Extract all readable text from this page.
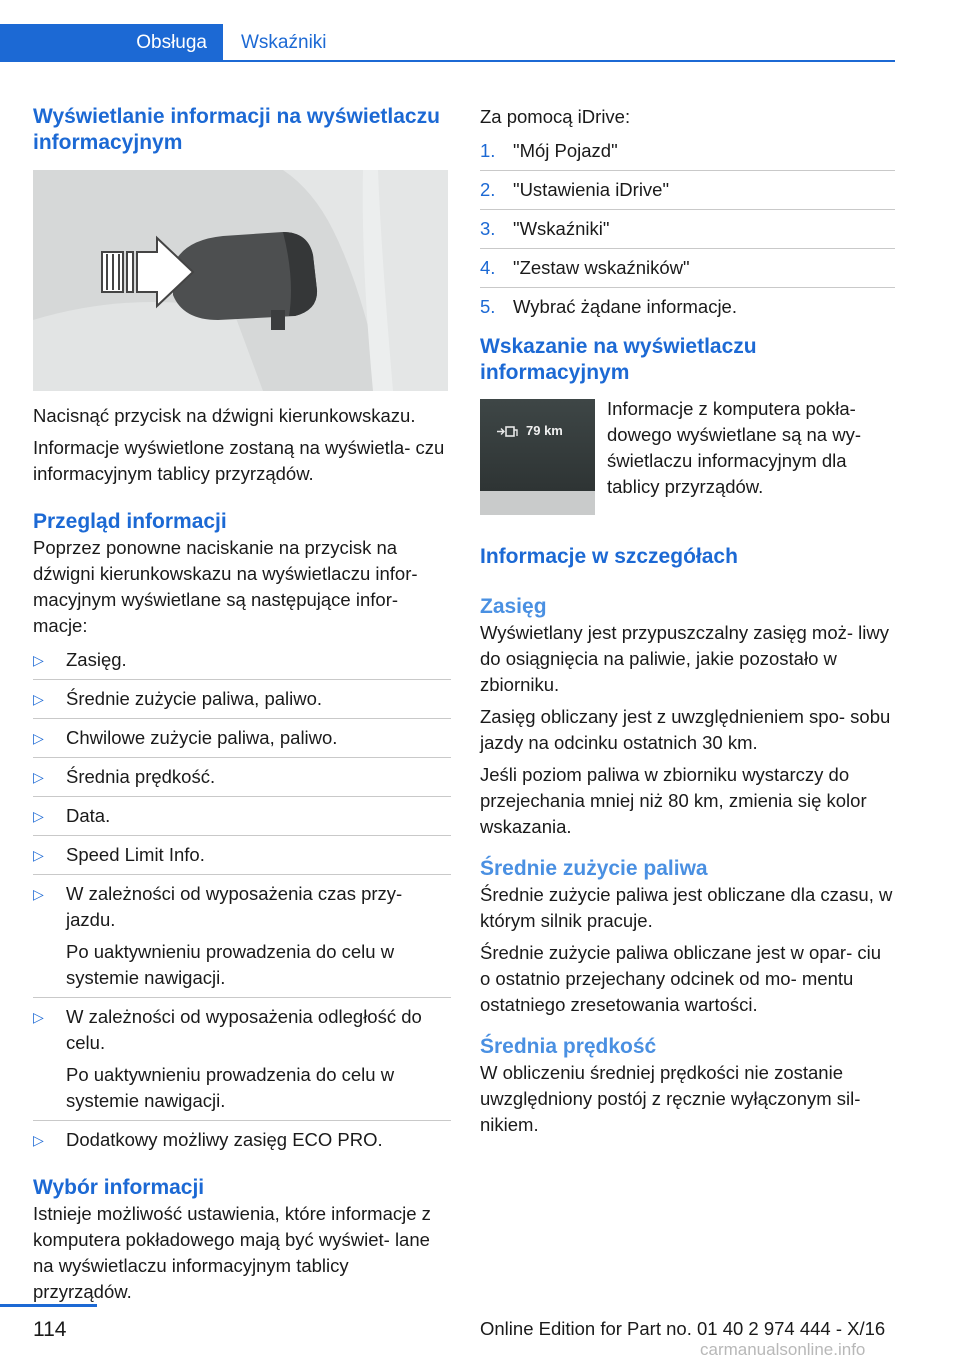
Obsługa	Wskaźniki
Wyświetlanie informacji na wyświetlaczu informacyjnym

Nacisnąć przycisk na dźwigni kierunkowskazu.

Informacje wyświetlone zostaną na wyświetla- czu informacyjnym tablicy przyrządów.

Przegląd informacji

Poprzez ponowne naciskanie na przycisk na dźwigni kierunkowskazu na wyświetlaczu infor- macyjnym wyświetlane są następujące infor- macje:

▷ Zasięg.
▷ Średnie zużycie paliwa, paliwo.
▷ Chwilowe zużycie paliwa, paliwo.
▷ Średnia prędkość.
▷ Data.
▷ Speed Limit Info.
▷ W zależności od wyposażenia czas przy- jazdu.
Po uaktywnieniu prowadzenia do celu w systemie nawigacji.
▷ W zależności od wyposażenia odległość do celu.
Po uaktywnieniu prowadzenia do celu w systemie nawigacji.
▷ Dodatkowy możliwy zasięg ECO PRO.
Wybór informacji

Istnieje możliwość ustawienia, które informacje z komputera pokładowego mają być wyświet- lane na wyświetlaczu informacyjnym tablicy przyrządów.

Za pomocą iDrive:

1. "Mój Pojazd"
2. "Ustawienia iDrive"
3. "Wskaźniki"
4. "Zestaw wskaźników"
5. Wybrać żądane informacje.
Wskazanie na wyświetlaczu informacyjnym
79 km

Informacje z komputera pokła- dowego wyświetlane są na wy- świetlaczu informacyjnym dla tablicy przyrządów.

Informacje w szczegółach
Zasięg

Wyświetlany jest przypuszczalny zasięg moż- liwy do osiągnięcia na paliwie, jakie pozostało w zbiorniku.

Zasięg obliczany jest z uwzględnieniem spo- sobu jazdy na odcinku ostatnich 30 km.

Jeśli poziom paliwa w zbiorniku wystarczy do przejechania mniej niż 80 km, zmienia się kolor wskazania.

Średnie zużycie paliwa

Średnie zużycie paliwa jest obliczane dla czasu, w którym silnik pracuje.

Średnie zużycie paliwa obliczane jest w opar- ciu o ostatnio przejechany odcinek od mo- mentu ostatniego zresetowania wartości.

Średnia prędkość

W obliczeniu średniej prędkości nie zostanie uwzględniony postój z ręcznie wyłączonym sil- nikiem.

114	Online Edition for Part no. 01 40 2 974 444 - X/16
carmanualsonline.info
